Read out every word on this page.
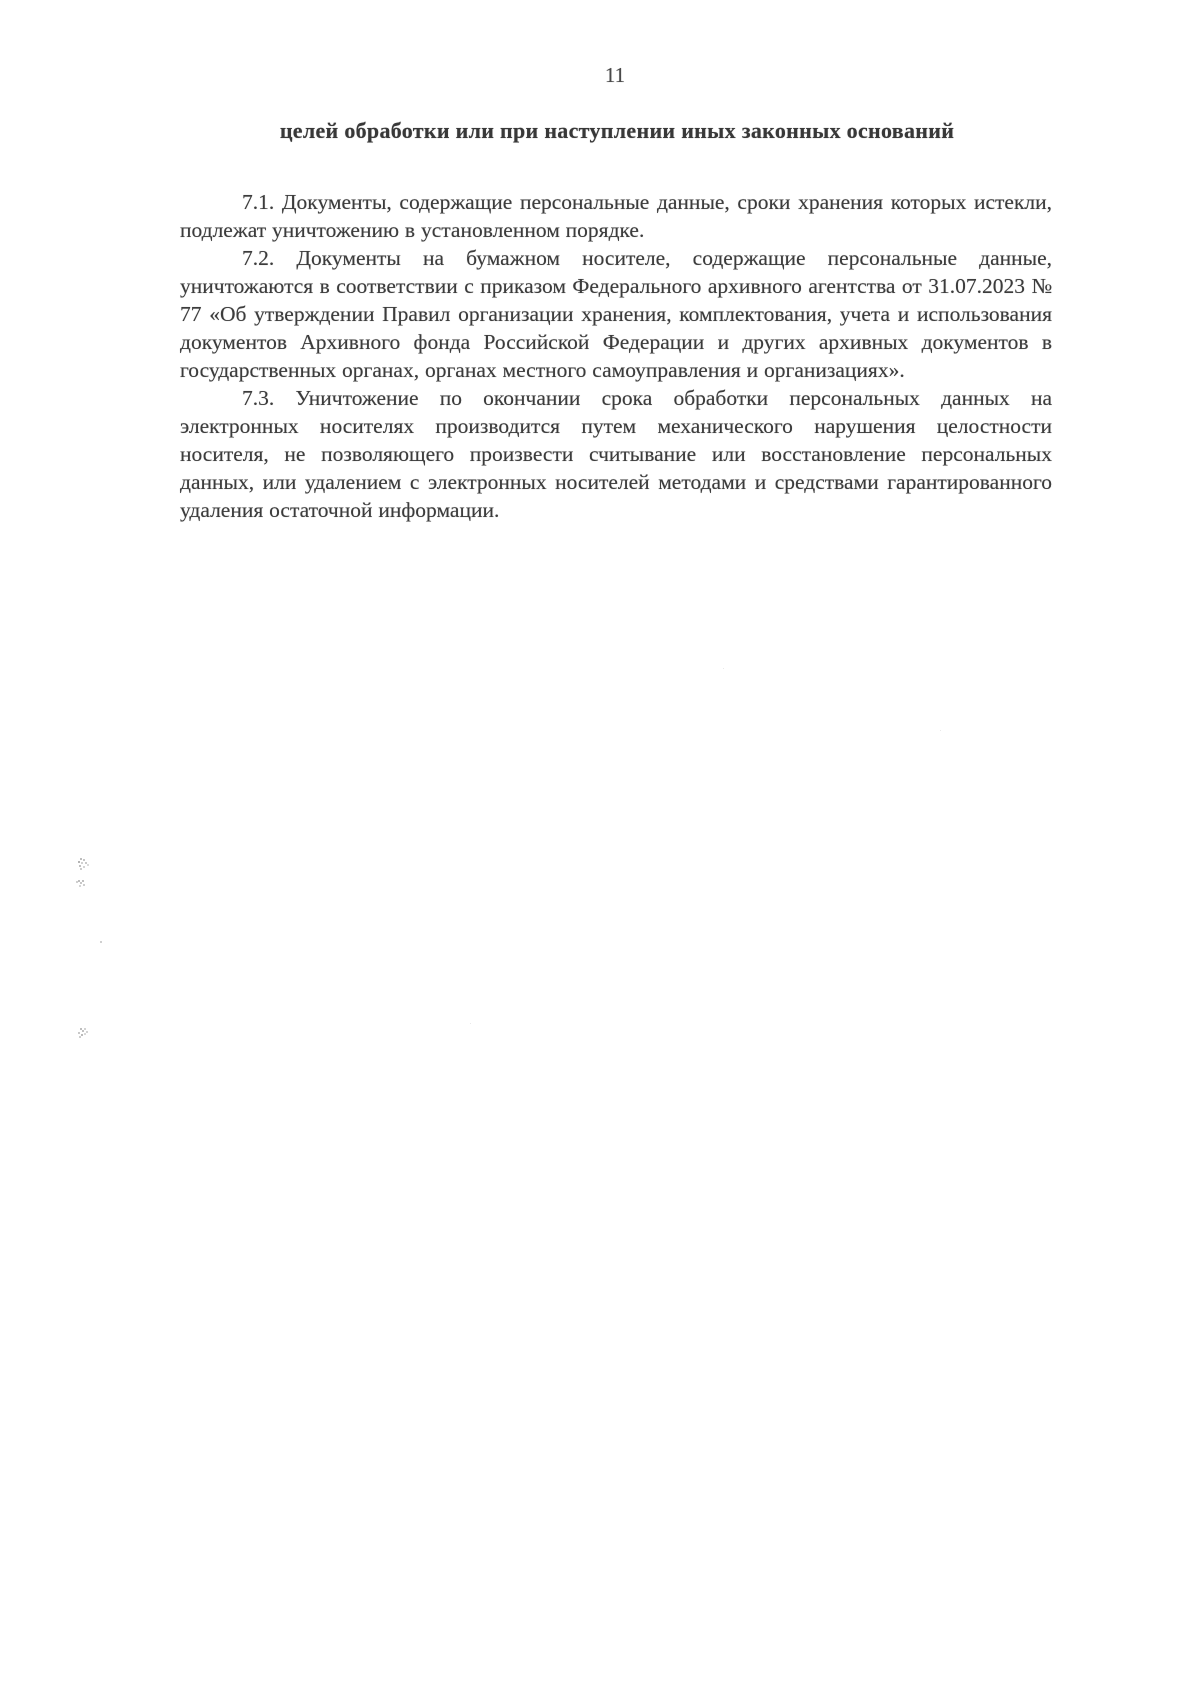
11
целей обработки или при наступлении иных законных оснований

7.1. Документы, содержащие персональные данные, сроки хранения которых истекли, подлежат уничтожению в установленном порядке.

7.2. Документы на бумажном носителе, содержащие персональные данные, уничтожаются в соответствии с приказом Федерального архивного агентства от 31.07.2023 № 77 «Об утверждении Правил организации хранения, комплектования, учета и использования документов Архивного фонда Российской Федерации и других архивных документов в государственных органах, органах местного самоуправления и организациях».

7.3. Уничтожение по окончании срока обработки персональных данных на электронных носителях производится путем механического нарушения целостности носителя, не позволяющего произвести считывание или восстановление персональных данных, или удалением с электронных носителей методами и средствами гарантированного удаления остаточной информации.
